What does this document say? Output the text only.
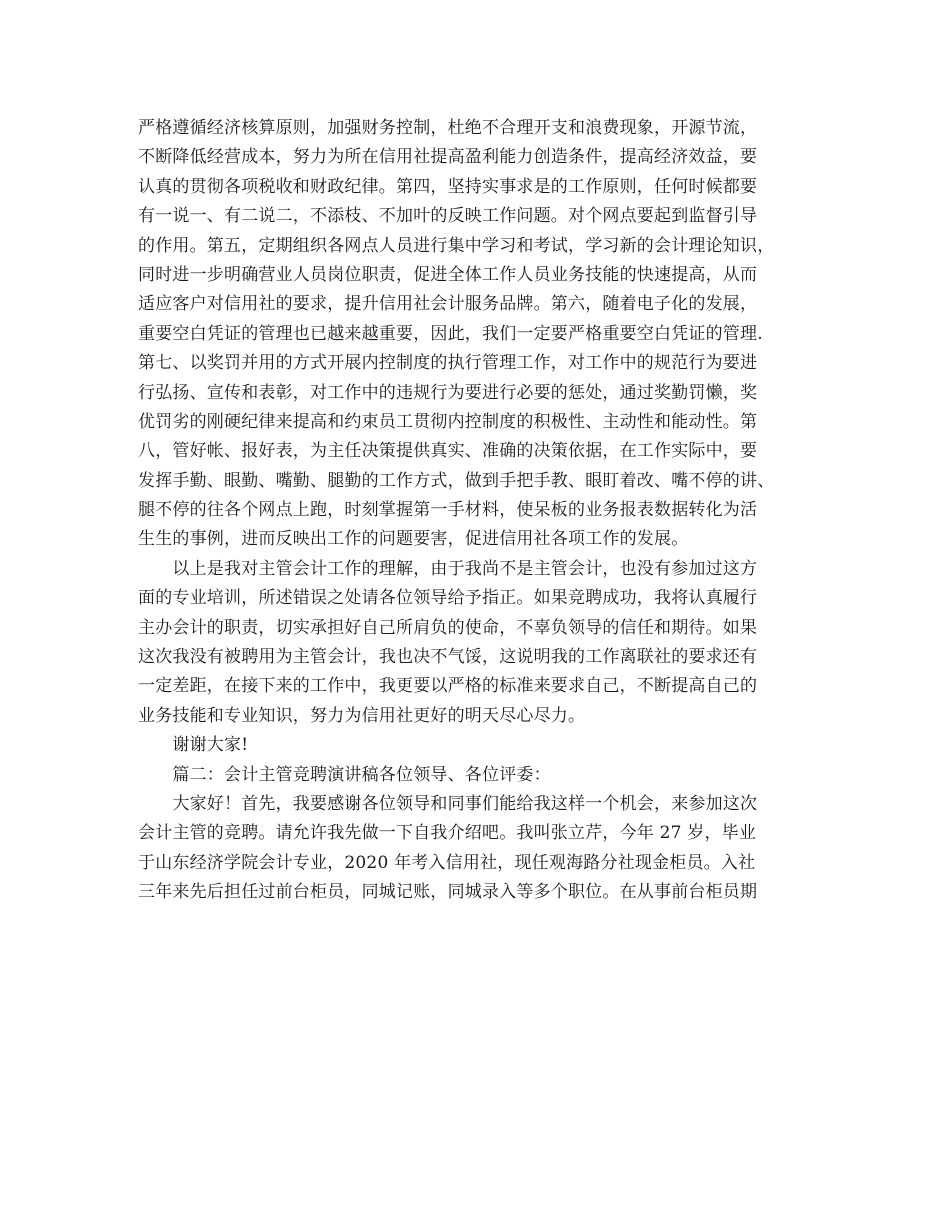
严格遵循经济核算原则，加强财务控制，杜绝不合理开支和浪费现象，开源节流，
不断降低经营成本，努力为所在信用社提高盈利能力创造条件，提高经济效益，要
认真的贯彻各项税收和财政纪律。第四，坚持实事求是的工作原则，任何时候都要
有一说一、有二说二，不添枝、不加叶的反映工作问题。对个网点要起到监督引导
的作用。第五，定期组织各网点人员进行集中学习和考试，学习新的会计理论知识，
同时进一步明确营业人员岗位职责，促进全体工作人员业务技能的快速提高，从而
适应客户对信用社的要求，提升信用社会计服务品牌。第六，随着电子化的发展，
重要空白凭证的管理也已越来越重要，因此，我们一定要严格重要空白凭证的管理.
第七、以奖罚并用的方式开展内控制度的执行管理工作，对工作中的规范行为要进
行弘扬、宣传和表彰，对工作中的违规行为要进行必要的惩处，通过奖勤罚懒，奖
优罚劣的刚硬纪律来提高和约束员工贯彻内控制度的积极性、主动性和能动性。第
八，管好帐、报好表，为主任决策提供真实、准确的决策依据，在工作实际中，要
发挥手勤、眼勤、嘴勤、腿勤的工作方式，做到手把手教、眼盯着改、嘴不停的讲、
腿不停的往各个网点上跑，时刻掌握第一手材料，使呆板的业务报表数据转化为活
生生的事例，进而反映出工作的问题要害，促进信用社各项工作的发展。
　　以上是我对主管会计工作的理解，由于我尚不是主管会计，也没有参加过这方
面的专业培训，所述错误之处请各位领导给予指正。如果竞聘成功，我将认真履行
主办会计的职责，切实承担好自己所肩负的使命，不辜负领导的信任和期待。如果
这次我没有被聘用为主管会计，我也决不气馁，这说明我的工作离联社的要求还有
一定差距，在接下来的工作中，我更要以严格的标准来要求自己，不断提高自己的
业务技能和专业知识，努力为信用社更好的明天尽心尽力。
　　谢谢大家!
　　篇二：会计主管竞聘演讲稿各位领导、各位评委：
　　大家好！首先，我要感谢各位领导和同事们能给我这样一个机会，来参加这次
会计主管的竞聘。请允许我先做一下自我介绍吧。我叫张立芹，今年 27 岁，毕业
于山东经济学院会计专业，2020 年考入信用社，现任观海路分社现金柜员。入社
三年来先后担任过前台柜员，同城记账，同城录入等多个职位。在从事前台柜员期
